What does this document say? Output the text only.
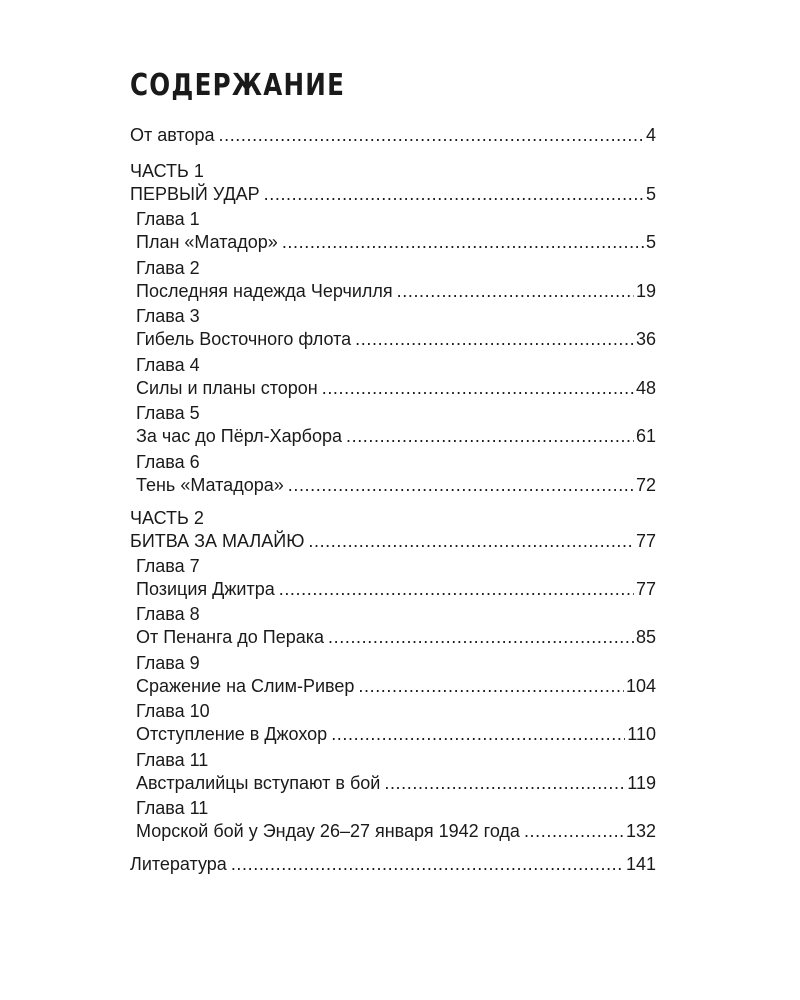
СОДЕРЖАНИЕ
От автора .....	4
ЧАСТЬ 1
ПЕРВЫЙ УДАР .....	5
Глава 1
План «Матадор» .....	5
Глава 2
Последняя надежда Черчилля .....	19
Глава 3
Гибель Восточного флота .....	36
Глава 4
Силы и планы сторон .....	48
Глава 5
За час до Пёрл-Харбора .....	61
Глава 6
Тень «Матадора» .....	72
ЧАСТЬ 2
БИТВА ЗА МАЛАЙЮ .....	77
Глава 7
Позиция Джитра .....	77
Глава 8
От Пенанга до Перака .....	85
Глава 9
Сражение на Слим-Ривер .....	104
Глава 10
Отступление в Джохор .....	110
Глава 11
Австралийцы вступают в бой .....	119
Глава 11
Морской бой у Эндау 26–27 января 1942 года .....	132
Литература .....	141
